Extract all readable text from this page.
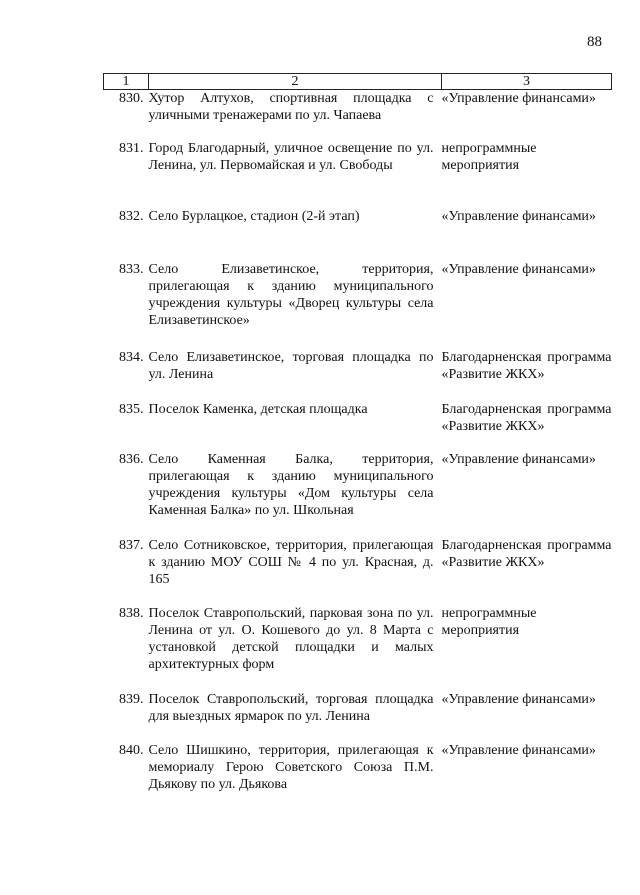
88
1	2	3
830.	Хутор Алтухов, спортивная площадка с уличными тренажерами по ул. Чапаева	«Управление финансами»
831.	Город Благодарный, уличное освещение по ул. Ленина, ул. Первомайская и ул. Свободы	непрограммные мероприятия
832.	Село Бурлацкое, стадион (2-й этап)	«Управление финансами»
833.	Село Елизаветинское, территория, прилегающая к зданию муниципального учреждения культуры «Дворец культуры села Елизаветинское»	«Управление финансами»
834.	Село Елизаветинское, торговая площадка по ул. Ленина	Благодарненская программа «Развитие ЖКХ»
835.	Поселок Каменка, детская площадка	Благодарненская программа «Развитие ЖКХ»
836.	Село Каменная Балка, территория, прилегающая к зданию муниципального учреждения культуры «Дом культуры села Каменная Балка» по ул. Школьная	«Управление финансами»
837.	Село Сотниковское, территория, прилегающая к зданию МОУ СОШ № 4 по ул. Красная, д. 165	Благодарненская программа «Развитие ЖКХ»
838.	Поселок Ставропольский, парковая зона по ул. Ленина от ул. О. Кошевого до ул. 8 Марта с установкой детской площадки и малых архитектурных форм	непрограммные мероприятия
839.	Поселок Ставропольский, торговая площадка для выездных ярмарок по ул. Ленина	«Управление финансами»
840.	Село Шишкино, территория, прилегающая к мемориалу Герою Советского Союза П.М. Дьякову по ул. Дьякова	«Управление финансами»
